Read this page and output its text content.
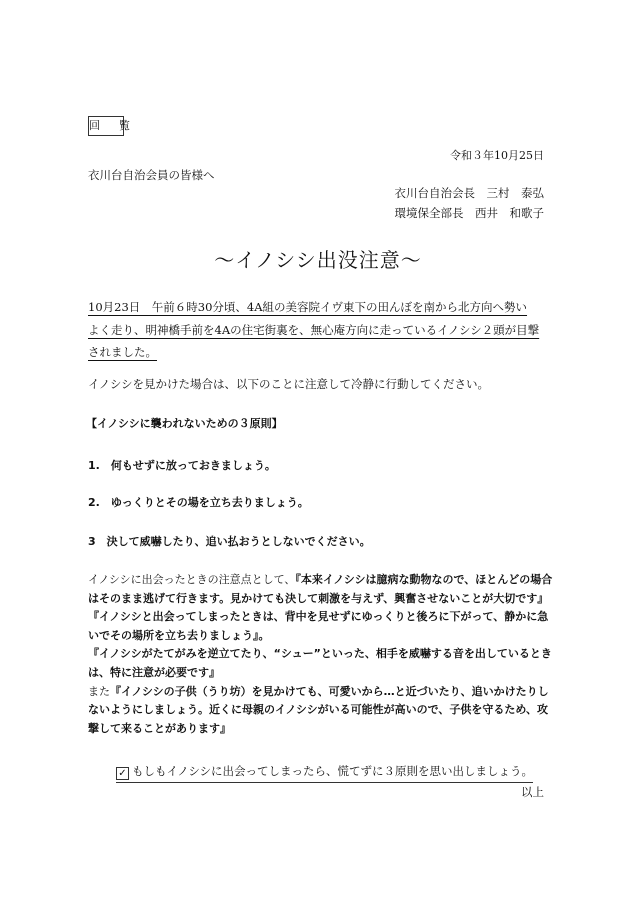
回　覧
令和３年10月25日
衣川台自治会員の皆様へ
衣川台自治会長　三村　泰弘
環境保全部長　西井　和歌子
～イノシシ出没注意～
10月23日　午前６時30分頃、4A組の美容院イヴ東下の田んぼを南から北方向へ勢い
よく走り、明神橋手前を4Aの住宅街裏を、無心庵方向に走っているイノシシ２頭が目撃
されました。
イノシシを見かけた場合は、以下のことに注意して冷静に行動してください。
【イノシシに襲われないための３原則】
1.　何もせずに放っておきましょう。
2.　ゆっくりとその場を立ち去りましょう。
3　決して威嚇したり、追い払おうとしないでください。
イノシシに出会ったときの注意点として、『本来イノシシは臆病な動物なので、ほとんどの場合
はそのまま逃げて行きます。見かけても決して刺激を与えず、興奮させないことが大切です』
『イノシシと出会ってしまったときは、背中を見せずにゆっくりと後ろに下がって、静かに急
いでその場所を立ち去りましょう』。
『イノシシがたてがみを逆立てたり、“シュー”といった、相手を威嚇する音を出しているとき
は、特に注意が必要です』
また『イノシシの子供（うり坊）を見かけても、可愛いから…と近づいたり、追いかけたりし
ないようにしましょう。近くに母親のイノシシがいる可能性が高いので、子供を守るため、攻
撃して来ることがあります』
✓ もしもイノシシに出会ってしまったら、慌てずに３原則を思い出しましょう。
以上
